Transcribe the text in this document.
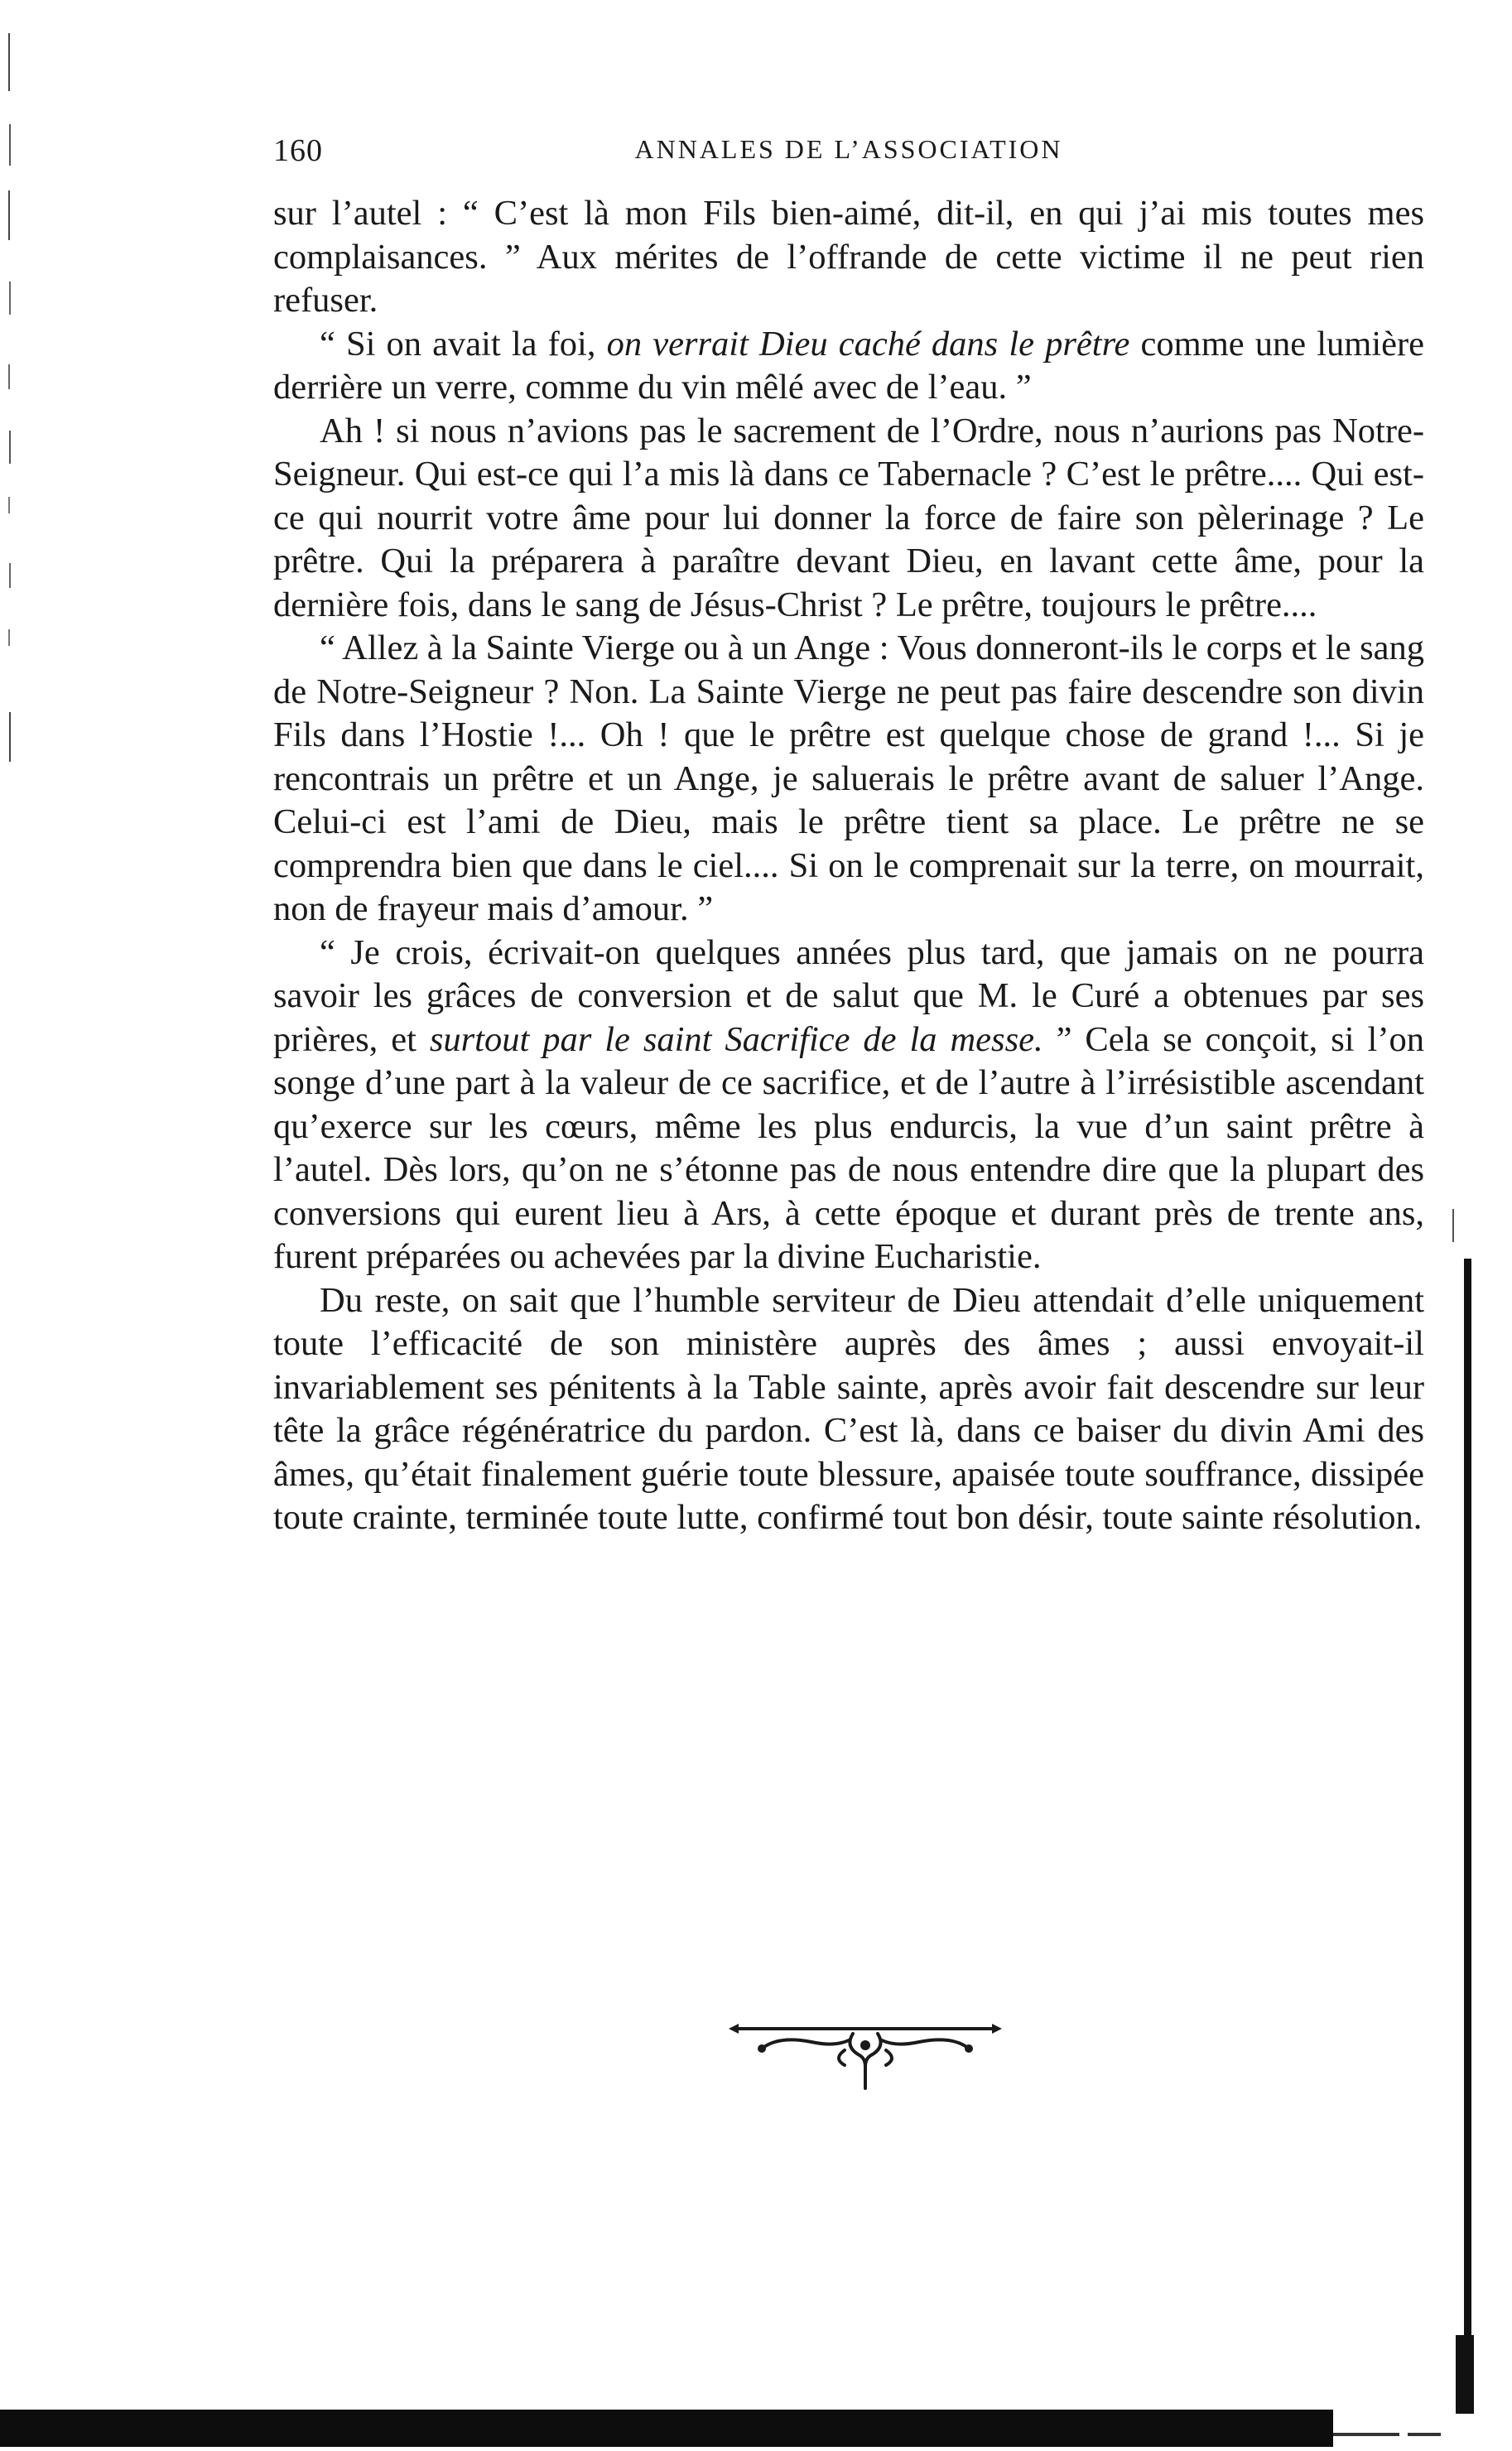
160	ANNALES DE L’ASSOCIATION

sur l’autel : “ C’est là mon Fils bien-aimé, dit-il, en qui j’ai mis toutes mes complaisances. ” Aux mérites de l’offrande de cette victime il ne peut rien refuser.

“ Si on avait la foi, on verrait Dieu caché dans le prêtre comme une lumière derrière un verre, comme du vin mêlé avec de l’eau. ”

Ah ! si nous n’avions pas le sacrement de l’Ordre, nous n’aurions pas Notre-Seigneur. Qui est-ce qui l’a mis là dans ce Tabernacle ? C’est le prêtre.... Qui est-ce qui nourrit votre âme pour lui donner la force de faire son pèlerinage ? Le prêtre. Qui la préparera à paraître devant Dieu, en lavant cette âme, pour la dernière fois, dans le sang de Jésus-Christ ? Le prêtre, toujours le prêtre....

“ Allez à la Sainte Vierge ou à un Ange : Vous donneront-ils le corps et le sang de Notre-Seigneur ? Non. La Sainte Vierge ne peut pas faire descendre son divin Fils dans l’Hostie !... Oh ! que le prêtre est quelque chose de grand !... Si je rencontrais un prêtre et un Ange, je saluerais le prêtre avant de saluer l’Ange. Celui-ci est l’ami de Dieu, mais le prêtre tient sa place. Le prêtre ne se comprendra bien que dans le ciel.... Si on le comprenait sur la terre, on mourrait, non de frayeur mais d’amour. ”

“ Je crois, écrivait-on quelques années plus tard, que jamais on ne pourra savoir les grâces de conversion et de salut que M. le Curé a obtenues par ses prières, et surtout par le saint Sacrifice de la messe. ” Cela se conçoit, si l’on songe d’une part à la valeur de ce sacrifice, et de l’autre à l’irrésistible ascendant qu’exerce sur les cœurs, même les plus endurcis, la vue d’un saint prêtre à l’autel. Dès lors, qu’on ne s’étonne pas de nous entendre dire que la plupart des conversions qui eurent lieu à Ars, à cette époque et durant près de trente ans, furent préparées ou achevées par la divine Eucharistie.

Du reste, on sait que l’humble serviteur de Dieu attendait d’elle uniquement toute l’efficacité de son ministère auprès des âmes ; aussi envoyait-il invariablement ses pénitents à la Table sainte, après avoir fait descendre sur leur tête la grâce régénératrice du pardon. C’est là, dans ce baiser du divin Ami des âmes, qu’était finalement guérie toute blessure, apaisée toute souffrance, dissipée toute crainte, terminée toute lutte, confirmé tout bon désir, toute sainte résolution.
